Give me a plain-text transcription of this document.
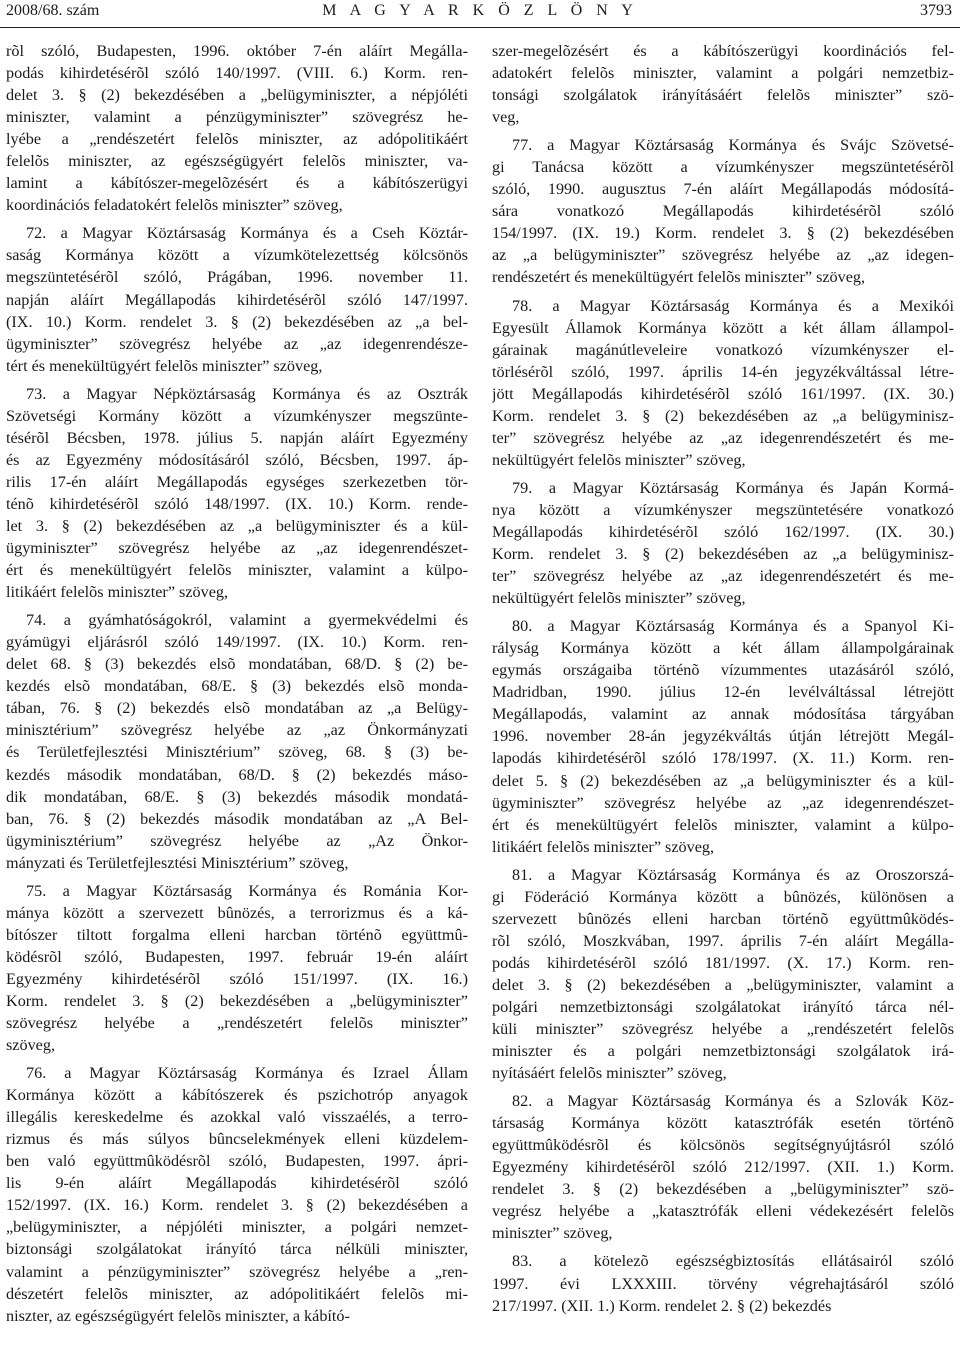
2008/68. szám	M A G Y A R K Ö Z L Ö N Y	3793
rõl szóló, Budapesten, 1996. október 7-én aláírt Megálla-
podás kihirdetésérõl szóló 140/1997. (VIII. 6.) Korm. ren-
delet 3. § (2) bekezdésében a „belügyminiszter, a népjóléti
miniszter, valamint a pénzügyminiszter” szövegrész he-
lyébe a „rendészetért felelõs miniszter, az adópolitikáért
felelõs miniszter, az egészségügyért felelõs miniszter, va-
lamint a kábítószer-megelõzésért és a kábítószerügyi
koordinációs feladatokért felelõs miniszter” szöveg,
72. a Magyar Köztársaság Kormánya és a Cseh Köztár-
saság Kormánya között a vízumkötelezettség kölcsönös
megszüntetésérõl szóló, Prágában, 1996. november 11.
napján aláírt Megállapodás kihirdetésérõl szóló 147/1997.
(IX. 10.) Korm. rendelet 3. § (2) bekezdésében az „a bel-
ügyminiszter” szövegrész helyébe az „az idegenrendésze-
tért és menekültügyért felelõs miniszter” szöveg,
73. a Magyar Népköztársaság Kormánya és az Osztrák
Szövetségi Kormány között a vízumkényszer megszünte-
tésérõl Bécsben, 1978. július 5. napján aláírt Egyezmény
és az Egyezmény módosításáról szóló, Bécsben, 1997. áp-
rilis 17-én aláírt Megállapodás egységes szerkezetben tör-
ténõ kihirdetésérõl szóló 148/1997. (IX. 10.) Korm. rende-
let 3. § (2) bekezdésében az „a belügyminiszter és a kül-
ügyminiszter” szövegrész helyébe az „az idegenrendészet-
ért és menekültügyért felelõs miniszter, valamint a külpo-
litikáért felelõs miniszter” szöveg,
74. a gyámhatóságokról, valamint a gyermekvédelmi és
gyámügyi eljárásról szóló 149/1997. (IX. 10.) Korm. ren-
delet 68. § (3) bekezdés elsõ mondatában, 68/D. § (2) be-
kezdés elsõ mondatában, 68/E. § (3) bekezdés elsõ monda-
tában, 76. § (2) bekezdés elsõ mondatában az „a Belügy-
minisztérium” szövegrész helyébe az „az Önkormányzati
és Területfejlesztési Minisztérium” szöveg, 68. § (3) be-
kezdés második mondatában, 68/D. § (2) bekezdés máso-
dik mondatában, 68/E. § (3) bekezdés második mondatá-
ban, 76. § (2) bekezdés második mondatában az „A Bel-
ügyminisztérium” szövegrész helyébe az „Az Önkor-
mányzati és Területfejlesztési Minisztérium” szöveg,
75. a Magyar Köztársaság Kormánya és Románia Kor-
mánya között a szervezett bûnözés, a terrorizmus és a ká-
bítószer tiltott forgalma elleni harcban történõ együttmû-
ködésrõl szóló, Budapesten, 1997. február 19-én aláírt
Egyezmény kihirdetésérõl szóló 151/1997. (IX. 16.)
Korm. rendelet 3. § (2) bekezdésében a „belügyminiszter”
szövegrész helyébe a „rendészetért felelõs miniszter”
szöveg,
76. a Magyar Köztársaság Kormánya és Izrael Állam
Kormánya között a kábítószerek és pszichotróp anyagok
illegális kereskedelme és azokkal való visszaélés, a terro-
rizmus és más súlyos bûncselekmények elleni küzdelem-
ben való együttmûködésrõl szóló, Budapesten, 1997. ápri-
lis 9-én aláírt Megállapodás kihirdetésérõl szóló
152/1997. (IX. 16.) Korm. rendelet 3. § (2) bekezdésében a
„belügyminiszter, a népjóléti miniszter, a polgári nemzet-
biztonsági szolgálatokat irányító tárca nélküli miniszter,
valamint a pénzügyminiszter” szövegrész helyébe a „ren-
dészetért felelõs miniszter, az adópolitikáért felelõs mi-
niszter, az egészségügyért felelõs miniszter, a kábító-
szer-megelõzésért és a kábítószerügyi koordinációs fel-
adatokért felelõs miniszter, valamint a polgári nemzetbiz-
tonsági szolgálatok irányításáért felelõs miniszter” szö-
veg,
77. a Magyar Köztársaság Kormánya és Svájc Szövetsé-
gi Tanácsa között a vízumkényszer megszüntetésérõl
szóló, 1990. augusztus 7-én aláírt Megállapodás módosítá-
sára vonatkozó Megállapodás kihirdetésérõl szóló
154/1997. (IX. 19.) Korm. rendelet 3. § (2) bekezdésében
az „a belügyminiszter” szövegrész helyébe az „az idegen-
rendészetért és menekültügyért felelõs miniszter” szöveg,
78. a Magyar Köztársaság Kormánya és a Mexikói
Egyesült Államok Kormánya között a két állam állampol-
gárainak magánútleveleire vonatkozó vízumkényszer el-
törlésérõl szóló, 1997. április 14-én jegyzékváltással létre-
jött Megállapodás kihirdetésérõl szóló 161/1997. (IX. 30.)
Korm. rendelet 3. § (2) bekezdésében az „a belügyminisz-
ter” szövegrész helyébe az „az idegenrendészetért és me-
nekültügyért felelõs miniszter” szöveg,
79. a Magyar Köztársaság Kormánya és Japán Kormá-
nya között a vízumkényszer megszüntetésére vonatkozó
Megállapodás kihirdetésérõl szóló 162/1997. (IX. 30.)
Korm. rendelet 3. § (2) bekezdésében az „a belügyminisz-
ter” szövegrész helyébe az „az idegenrendészetért és me-
nekültügyért felelõs miniszter” szöveg,
80. a Magyar Köztársaság Kormánya és a Spanyol Ki-
rályság Kormánya között a két állam állampolgárainak
egymás országaiba történõ vízummentes utazásáról szóló,
Madridban, 1990. július 12-én levélváltással létrejött
Megállapodás, valamint az annak módosítása tárgyában
1996. november 28-án jegyzékváltás útján létrejött Megál-
lapodás kihirdetésérõl szóló 178/1997. (X. 11.) Korm. ren-
delet 5. § (2) bekezdésében az „a belügyminiszter és a kül-
ügyminiszter” szövegrész helyébe az „az idegenrendészet-
ért és menekültügyért felelõs miniszter, valamint a külpo-
litikáért felelõs miniszter” szöveg,
81. a Magyar Köztársaság Kormánya és az Oroszorszá-
gi Föderáció Kormánya között a bûnözés, különösen a
szervezett bûnözés elleni harcban történõ együttmûködés-
rõl szóló, Moszkvában, 1997. április 7-én aláírt Megálla-
podás kihirdetésérõl szóló 181/1997. (X. 17.) Korm. ren-
delet 3. § (2) bekezdésében a „belügyminiszter, valamint a
polgári nemzetbiztonsági szolgálatokat irányító tárca nél-
küli miniszter” szövegrész helyébe a „rendészetért felelõs
miniszter és a polgári nemzetbiztonsági szolgálatok irá-
nyításáért felelõs miniszter” szöveg,
82. a Magyar Köztársaság Kormánya és a Szlovák Köz-
társaság Kormánya között katasztrófák esetén történõ
együttmûködésrõl és kölcsönös segítségnyújtásról szóló
Egyezmény kihirdetésérõl szóló 212/1997. (XII. 1.) Korm.
rendelet 3. § (2) bekezdésében a „belügyminiszter” szö-
vegrész helyébe a „katasztrófák elleni védekezésért felelõs
miniszter” szöveg,
83. a kötelezõ egészségbiztosítás ellátásairól szóló
1997. évi LXXXIII. törvény végrehajtásáról szóló
217/1997. (XII. 1.) Korm. rendelet 2. § (2) bekezdés
